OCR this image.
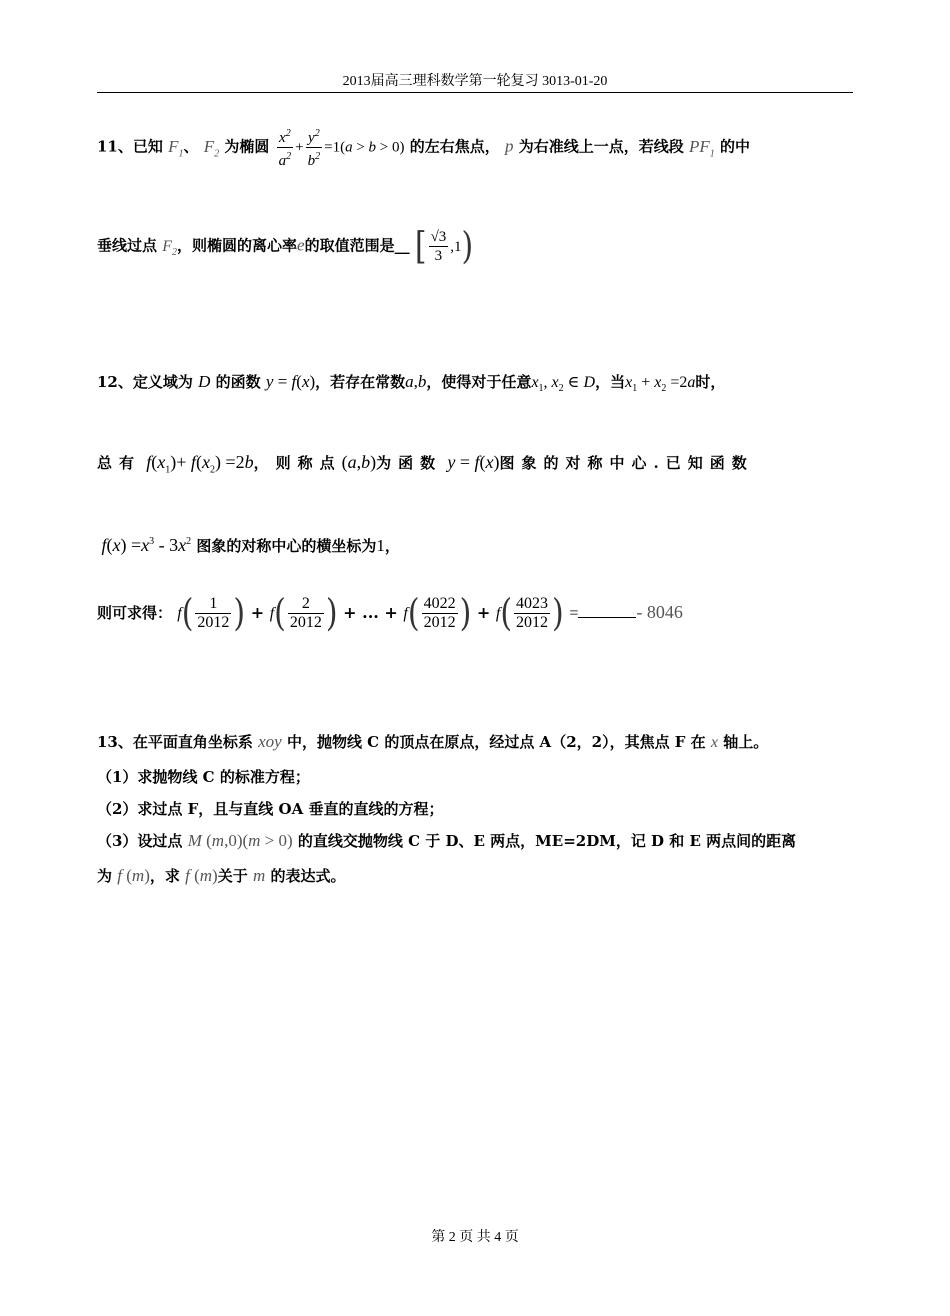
2013届高三理科数学第一轮复习 3013-01-20
11、已知 $F_1$、 $F_2$ 为椭圆 $\frac{x^2}{a^2} + \frac{y^2}{b^2} =1(a > b > 0)$ 的左右焦点， p 为右准线上一点，若线段 $PF_1$ 的中
垂线过点 $F_2$，则椭圆的离心率e的取值范围是__ [ $\frac{√3}{3} ,1$)
12、定义域为 D 的函数 y = f(x)，若存在常数a,b，使得对于任意$x_1$, $x_2$ ∈ D，当$x_1 + x_2 =2a$时，
总有 $f(x_1)+ f(x_2) =2b$，则称点(a,b)为函数 y = f(x)图象的对称中心.已知函数
$f(x) =x^3 - 3x^2$ 图象的对称中心的横坐标为1，
则可求得： $f( \frac{1}{2012}$ ) + $f( \frac{2}{2012}$ ) + ... + $f( \frac{4022}{2012}$ ) + $f( \frac{4023}{2012}$ ) =	- 8046
13、在平面直角坐标系 xoy 中，抛物线 C 的顶点在原点，经过点 A（2，2），其焦点 F 在 x 轴上。
（1）求抛物线 C 的标准方程；
（2）求过点 F，且与直线 OA 垂直的直线的方程；
（3）设过点 M (m,0)(m > 0) 的直线交抛物线 C 于 D、E 两点，ME=2DM，记 D 和 E 两点间的距离
为 f (m)，求 f (m)关于 m 的表达式。
第 2 页 共 4 页
